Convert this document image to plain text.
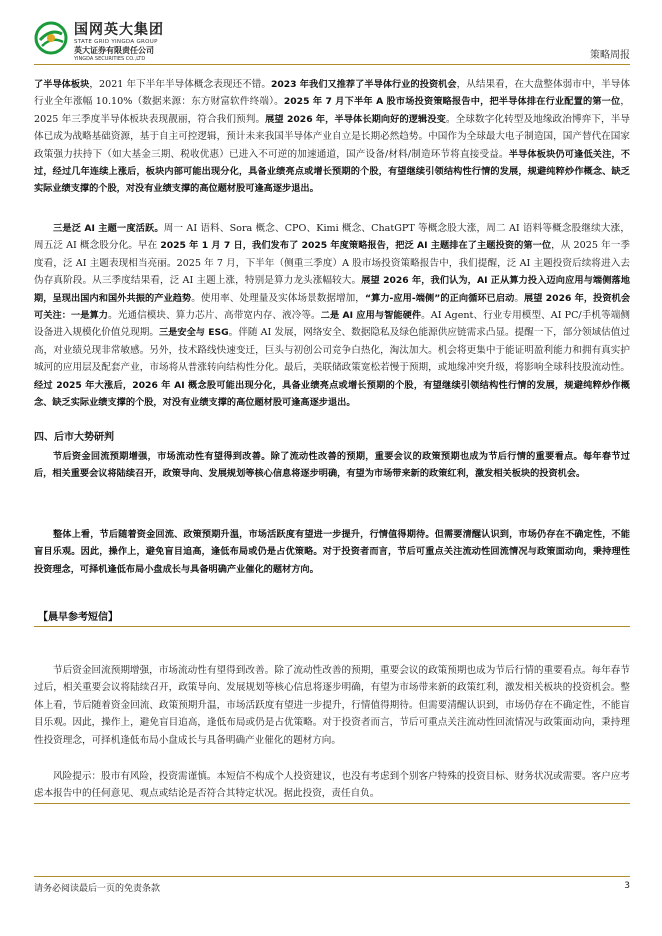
国网英大集团
STATE GRID YINGDA GROUP
英大证券有限责任公司
YINGDA SECURITIES CO.,LTD	策略周报

了半导体板块，2021 年下半年半导体概念表现还不错。2023 年我们又推荐了半导体行业的投资机会，从结果看，在大盘整体弱市中，半导体行业全年涨幅 10.10%（数据来源：东方财富软件终端）。2025 年 7 月下半年 A 股市场投资策略报告中，把半导体排在行业配置的第一位，2025 年三季度半导体板块表现靓丽，符合我们预判。展望 2026 年，半导体长期向好的逻辑没变。全球数字化转型及地缘政治博弈下，半导体已成为战略基础资源，基于自主可控逻辑，预计未来我国半导体产业自立是长期必然趋势。中国作为全球最大电子制造国，国产替代在国家政策强力扶持下（如大基金三期、税收优惠）已进入不可逆的加速通道，国产设备/材料/制造环节将直接受益。半导体板块仍可逢低关注，不过，经过几年连续上涨后，板块内部可能出现分化，具备业绩亮点或增长预期的个股，有望继续引领结构性行情的发展，规避纯粹炒作概念、缺乏实际业绩支撑的个股，对没有业绩支撑的高位题材股可逢高逐步退出。

三是泛 AI 主题一度活跃。周一 AI 语料、Sora 概念、CPO、Kimi 概念、ChatGPT 等概念股大涨，周二 AI 语料等概念股继续大涨，周五泛 AI 概念股分化。早在 2025 年 1 月 7 日，我们发布了 2025 年度策略报告，把泛 AI 主题排在了主题投资的第一位，从 2025 年一季度看，泛 AI 主题表现相当亮丽。2025 年 7 月，下半年（侧重三季度）A 股市场投资策略报告中，我们提醒，泛 AI 主题投资后续将进入去伪存真阶段。从三季度结果看，泛 AI 主题上涨，特别是算力龙头涨幅较大。展望 2026 年，我们认为，AI 正从算力投入迈向应用与端侧落地期，呈现出国内和国外共振的产业趋势。使用率、处理量及实体场景数据增加，“算力-应用-端侧”的正向循环已启动。展望 2026 年，投资机会可关注：一是算力。光通信模块、算力芯片、高带宽内存、液冷等。二是 AI 应用与智能硬件。AI Agent、行业专用模型、AI PC/手机等端侧设备进入规模化价值兑现期。三是安全与 ESG。伴随 AI 发展，网络安全、数据隐私及绿色能源供应链需求凸显。提醒一下，部分领域估值过高，对业绩兑现非常敏感。另外，技术路线快速变迁，巨头与初创公司竞争白热化，淘汰加大。机会将更集中于能证明盈利能力和拥有真实护城河的应用层及配套产业，市场将从普涨转向结构性分化。最后，美联储政策宽松若慢于预期，或地缘冲突升级，将影响全球科技股流动性。经过 2025 年大涨后，2026 年 AI 概念股可能出现分化，具备业绩亮点或增长预期的个股，有望继续引领结构性行情的发展，规避纯粹炒作概念、缺乏实际业绩支撑的个股，对没有业绩支撑的高位题材股可逢高逐步退出。

四、后市大势研判

节后资金回流预期增强，市场流动性有望得到改善。除了流动性改善的预期，重要会议的政策预期也成为节后行情的重要看点。每年春节过后，相关重要会议将陆续召开，政策导向、发展规划等核心信息将逐步明确，有望为市场带来新的政策红利，激发相关板块的投资机会。

整体上看，节后随着资金回流、政策预期升温，市场活跃度有望进一步提升，行情值得期待。但需要清醒认识到，市场仍存在不确定性，不能盲目乐观。因此，操作上，避免盲目追高，逢低布局或仍是占优策略。对于投资者而言，节后可重点关注流动性回流情况与政策面动向，秉持理性投资理念，可择机逢低布局小盘成长与具备明确产业催化的题材方向。

【晨早参考短信】

节后资金回流预期增强，市场流动性有望得到改善。除了流动性改善的预期，重要会议的政策预期也成为节后行情的重要看点。每年春节过后，相关重要会议将陆续召开，政策导向、发展规划等核心信息将逐步明确，有望为市场带来新的政策红利，激发相关板块的投资机会。整体上看，节后随着资金回流、政策预期升温，市场活跃度有望进一步提升，行情值得期待。但需要清醒认识到，市场仍存在不确定性，不能盲目乐观。因此，操作上，避免盲目追高，逢低布局或仍是占优策略。对于投资者而言，节后可重点关注流动性回流情况与政策面动向，秉持理性投资理念，可择机逢低布局小盘成长与具备明确产业催化的题材方向。

风险提示：股市有风险，投资需谨慎。本短信不构成个人投资建议，也没有考虑到个别客户特殊的投资目标、财务状况或需要。客户应考虑本报告中的任何意见、观点或结论是否符合其特定状况。据此投资，责任自负。

请务必阅读最后一页的免责条款	3
